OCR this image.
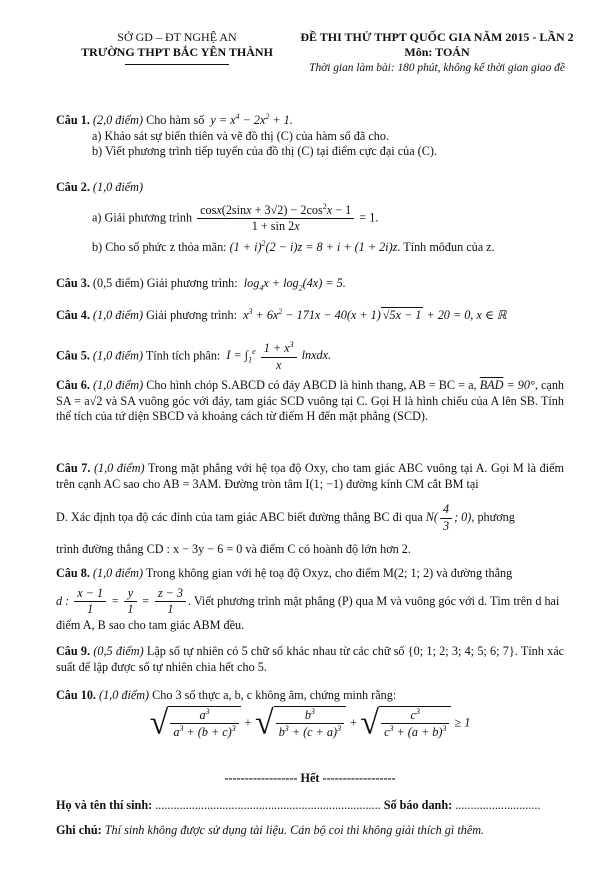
SỞ GD – ĐT NGHỆ AN
TRƯỜNG THPT BẮC YÊN THÀNH
ĐỀ THI THỬ THPT QUỐC GIA NĂM 2015 - LẦN 2
Môn: TOÁN
Thời gian làm bài: 180 phút, không kể thời gian giao đề
Câu 1. (2,0 điểm) Cho hàm số  $y = x^4 - 2x^2 + 1$.
a) Khảo sát sự biến thiên và vẽ đồ thị (C) của hàm số đã cho.
b) Viết phương trình tiếp tuyến của đồ thị (C) tại điểm cực đại của (C).
Câu 2. (1,0 điểm)
a) Giải phương trình $\frac{\cos x(2\sin x + 3√2) - 2\cos^2x - 1}{1 + \sin 2x} = 1$.
b) Cho số phức z thỏa mãn: $(1 + i)^2(2 - i)z = 8 + i + (1 + 2i)z$. Tính môđun của z.
Câu 3. (0,5 điểm) Giải phương trình:  $\log_4x + \log_2(4x) = 5$.
Câu 4. (1,0 điểm) Giải phương trình:  $x^3 + 6x^2 - 171x - 40(x + 1) √5x - 1 + 20 = 0$, x ∈ ℝ
Câu 5. (1,0 điểm) Tính tích phân:  $I = \int_1^e \frac{1 + x^3}{x}$ lnxdx.
Câu 6. (1,0 điểm) Cho hình chóp S.ABCD có đáy ABCD là hình thang, AB = BC = a, $\overline{BAD} = 90^\circ$, cạnh SA = a√2 và SA vuông góc với đáy, tam giác SCD vuông tại C. Gọi H là hình chiếu của A lên SB. Tính thể tích của tứ diện SBCD và khoảng cách từ điểm H đến mặt phẳng (SCD).
Câu 7. (1,0 điểm) Trong mặt phẳng với hệ tọa độ Oxy, cho tam giác ABC vuông tại A. Gọi M là điểm trên cạnh AC sao cho AB = 3AM. Đường tròn tâm I(1; −1) đường kính CM cắt BM tại
D. Xác định tọa độ các đỉnh của tam giác ABC biết đường thẳng BC đi qua $N( \frac{4}{3}$ ; 0), phương
trình đường thẳng CD : x − 3y − 6 = 0 và điểm C có hoành độ lớn hơn 2.
Câu 8. (1,0 điểm) Trong không gian với hệ toạ độ Oxyz, cho điểm M(2; 1; 2) và đường thẳng
d : $\frac{x - 1}{1} = \frac{y}{1} = \frac{z - 3}{1}$ . Viết phương trình mặt phẳng (P) qua M và vuông góc với d. Tìm trên d hai
điểm A, B sao cho tam giác ABM đều.
Câu 9. (0,5 điểm) Lập số tự nhiên có 5 chữ số khác nhau từ các chữ số {0; 1; 2; 3; 4; 5; 6; 7}. Tính xác suất để lập được số tự nhiên chia hết cho 5.
Câu 10. (1,0 điểm) Cho 3 số thực a, b, c không âm, chứng minh rằng:
√ $\frac{a^3}{a^3 + (b + c)^3}$ + √ $\frac{b^3}{b^3 + (c + a)^3}$ + √ $\frac{c^3}{c^3 + (a + b)^3} \ge 1$
------------------ Hết ------------------
Họ và tên thí sinh: .......................................................................... Số báo danh: ............................
Ghi chú: Thí sinh không được sử dụng tài liệu. Cán bộ coi thi không giải thích gì thêm.
